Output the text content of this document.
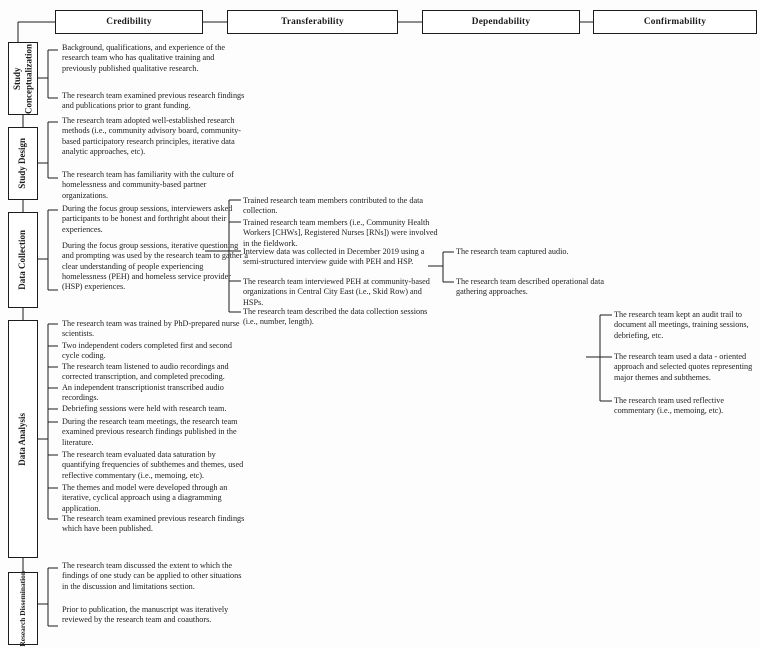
Credibility	Transferability	Dependability	Confirmability
Study Conceptualization
Study Design
Data Collection
Data Analysis
Research Dissemination
Background, qualifications, and experience of the research team who has qualitative training and previously published qualitative research.
The research team examined previous research findings and publications prior to grant funding.
The research team adopted well-established research methods (i.e., community advisory board, community-based participatory research principles, iterative data analytic approaches, etc).
The research team has familiarity with the culture of homelessness and community-based partner organizations.
During the focus group sessions, interviewers asked participants to be honest and forthright about their experiences.
During the focus group sessions, iterative questioning and prompting was used by the research team to gather a clear understanding of people experiencing homelessness (PEH) and homeless service provider (HSP) experiences.
The research team was trained by PhD-prepared nurse scientists.
Two independent coders completed first and second cycle coding.
The research team listened to audio recordings and corrected transcription, and completed precoding.
An independent transcriptionist transcribed audio recordings.
Debriefing sessions were held with research team.
During the research team meetings, the research team examined previous research findings published in the literature.
The research team evaluated data saturation by quantifying frequencies of subthemes and themes, used reflective commentary (i.e., memoing, etc).
The themes and model were developed through an iterative, cyclical approach using a diagramming application.
The research team examined previous research findings which have been published.
The research team discussed the extent to which the findings of one study can be applied to other situations in the discussion and limitations section.
Prior to publication, the manuscript was iteratively reviewed by the research team and coauthors.
Trained research team members contributed to the data collection.
Trained research team members (i.e., Community Health Workers [CHWs], Registered Nurses [RNs]) were involved in the fieldwork.
Interview data was collected in December 2019 using a semi-structured interview guide with PEH and HSP.
The research team interviewed PEH at community-based organizations in Central City East (i.e., Skid Row) and HSPs.
The research team described the data collection sessions (i.e., number, length).
The research team captured audio.
The research team described operational data gathering approaches.
The research team kept an audit trail to document all meetings, training sessions, debriefing, etc.
The research team used a data - oriented approach and selected quotes representing major themes and subthemes.
The research team used reflective commentary (i.e., memoing, etc).
